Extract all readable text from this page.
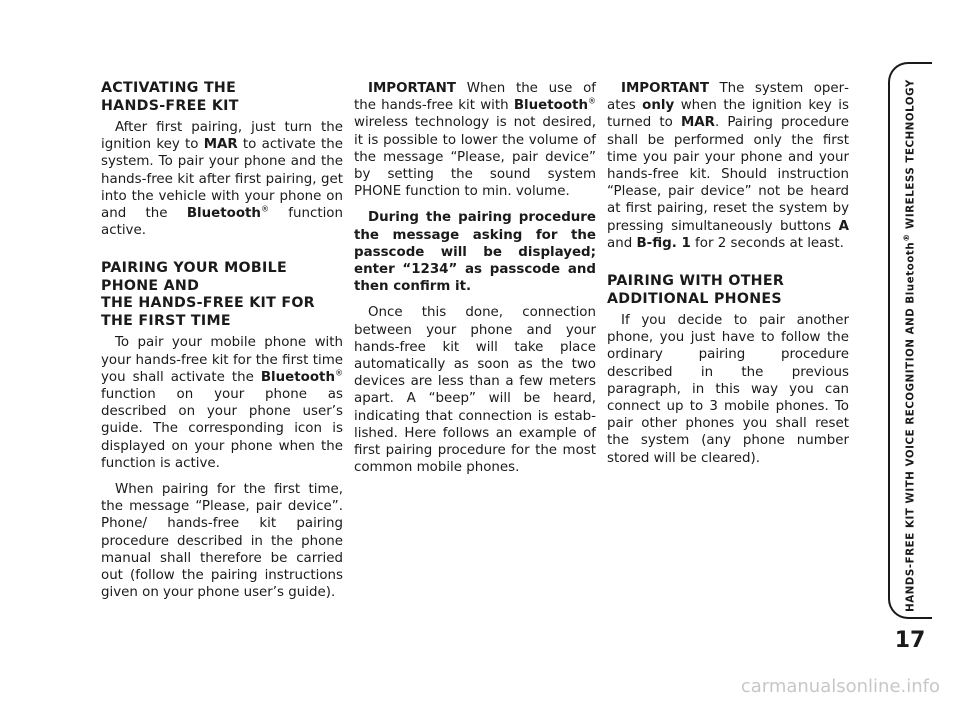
ACTIVATING THE
HANDS-FREE KIT

After first pairing, just turn the ignition key to MAR to activate the system. To pair your phone and the hands-free kit after first pairing, get into the vehicle with your phone on and the Bluetooth® function active.

PAIRING YOUR MOBILE PHONE AND
THE HANDS-FREE KIT FOR THE FIRST TIME

To pair your mobile phone with your hands-free kit for the first time you shall activate the Bluetooth® function on your phone as described on your phone user’s guide. The corresponding icon is displayed on your phone when the function is active.

When pairing for the first time, the message “Please, pair device”. Phone/ hands-free kit pairing procedure described in the phone manual shall therefore be carried out (follow the pairing instructions given on your phone user’s guide).

IMPORTANT When the use of the hands-free kit with Bluetooth® wireless technology is not desired, it is possible to lower the volume of the message “Please, pair device” by setting the sound system PHONE function to min. volume.

During the pairing procedure the message asking for the passcode will be displayed; enter “1234” as passcode and then confirm it.

Once this done, connection between your phone and your hands-free kit will take place automatically as soon as the two devices are less than a few meters apart. A “beep” will be heard, indicating that connection is established. Here follows an example of first pairing procedure for the most common mobile phones.

IMPORTANT The system operates only when the ignition key is turned to MAR. Pairing procedure shall be performed only the first time you pair your phone and your hands-free kit. Should instruction “Please, pair device” not be heard at first pairing, reset the system by pressing simultaneously buttons A and B-fig. 1 for 2 seconds at least.

PAIRING WITH OTHER
ADDITIONAL PHONES

If you decide to pair another phone, you just have to follow the ordinary pairing procedure described in the previous paragraph, in this way you can connect up to 3 mobile phones. To pair other phones you shall reset the system (any phone number stored will be cleared).	HANDS-FREE KIT WITH VOICE RECOGNITION AND Bluetooth® WIRELESS TECHNOLOGY
17
carmanualsonline.info
